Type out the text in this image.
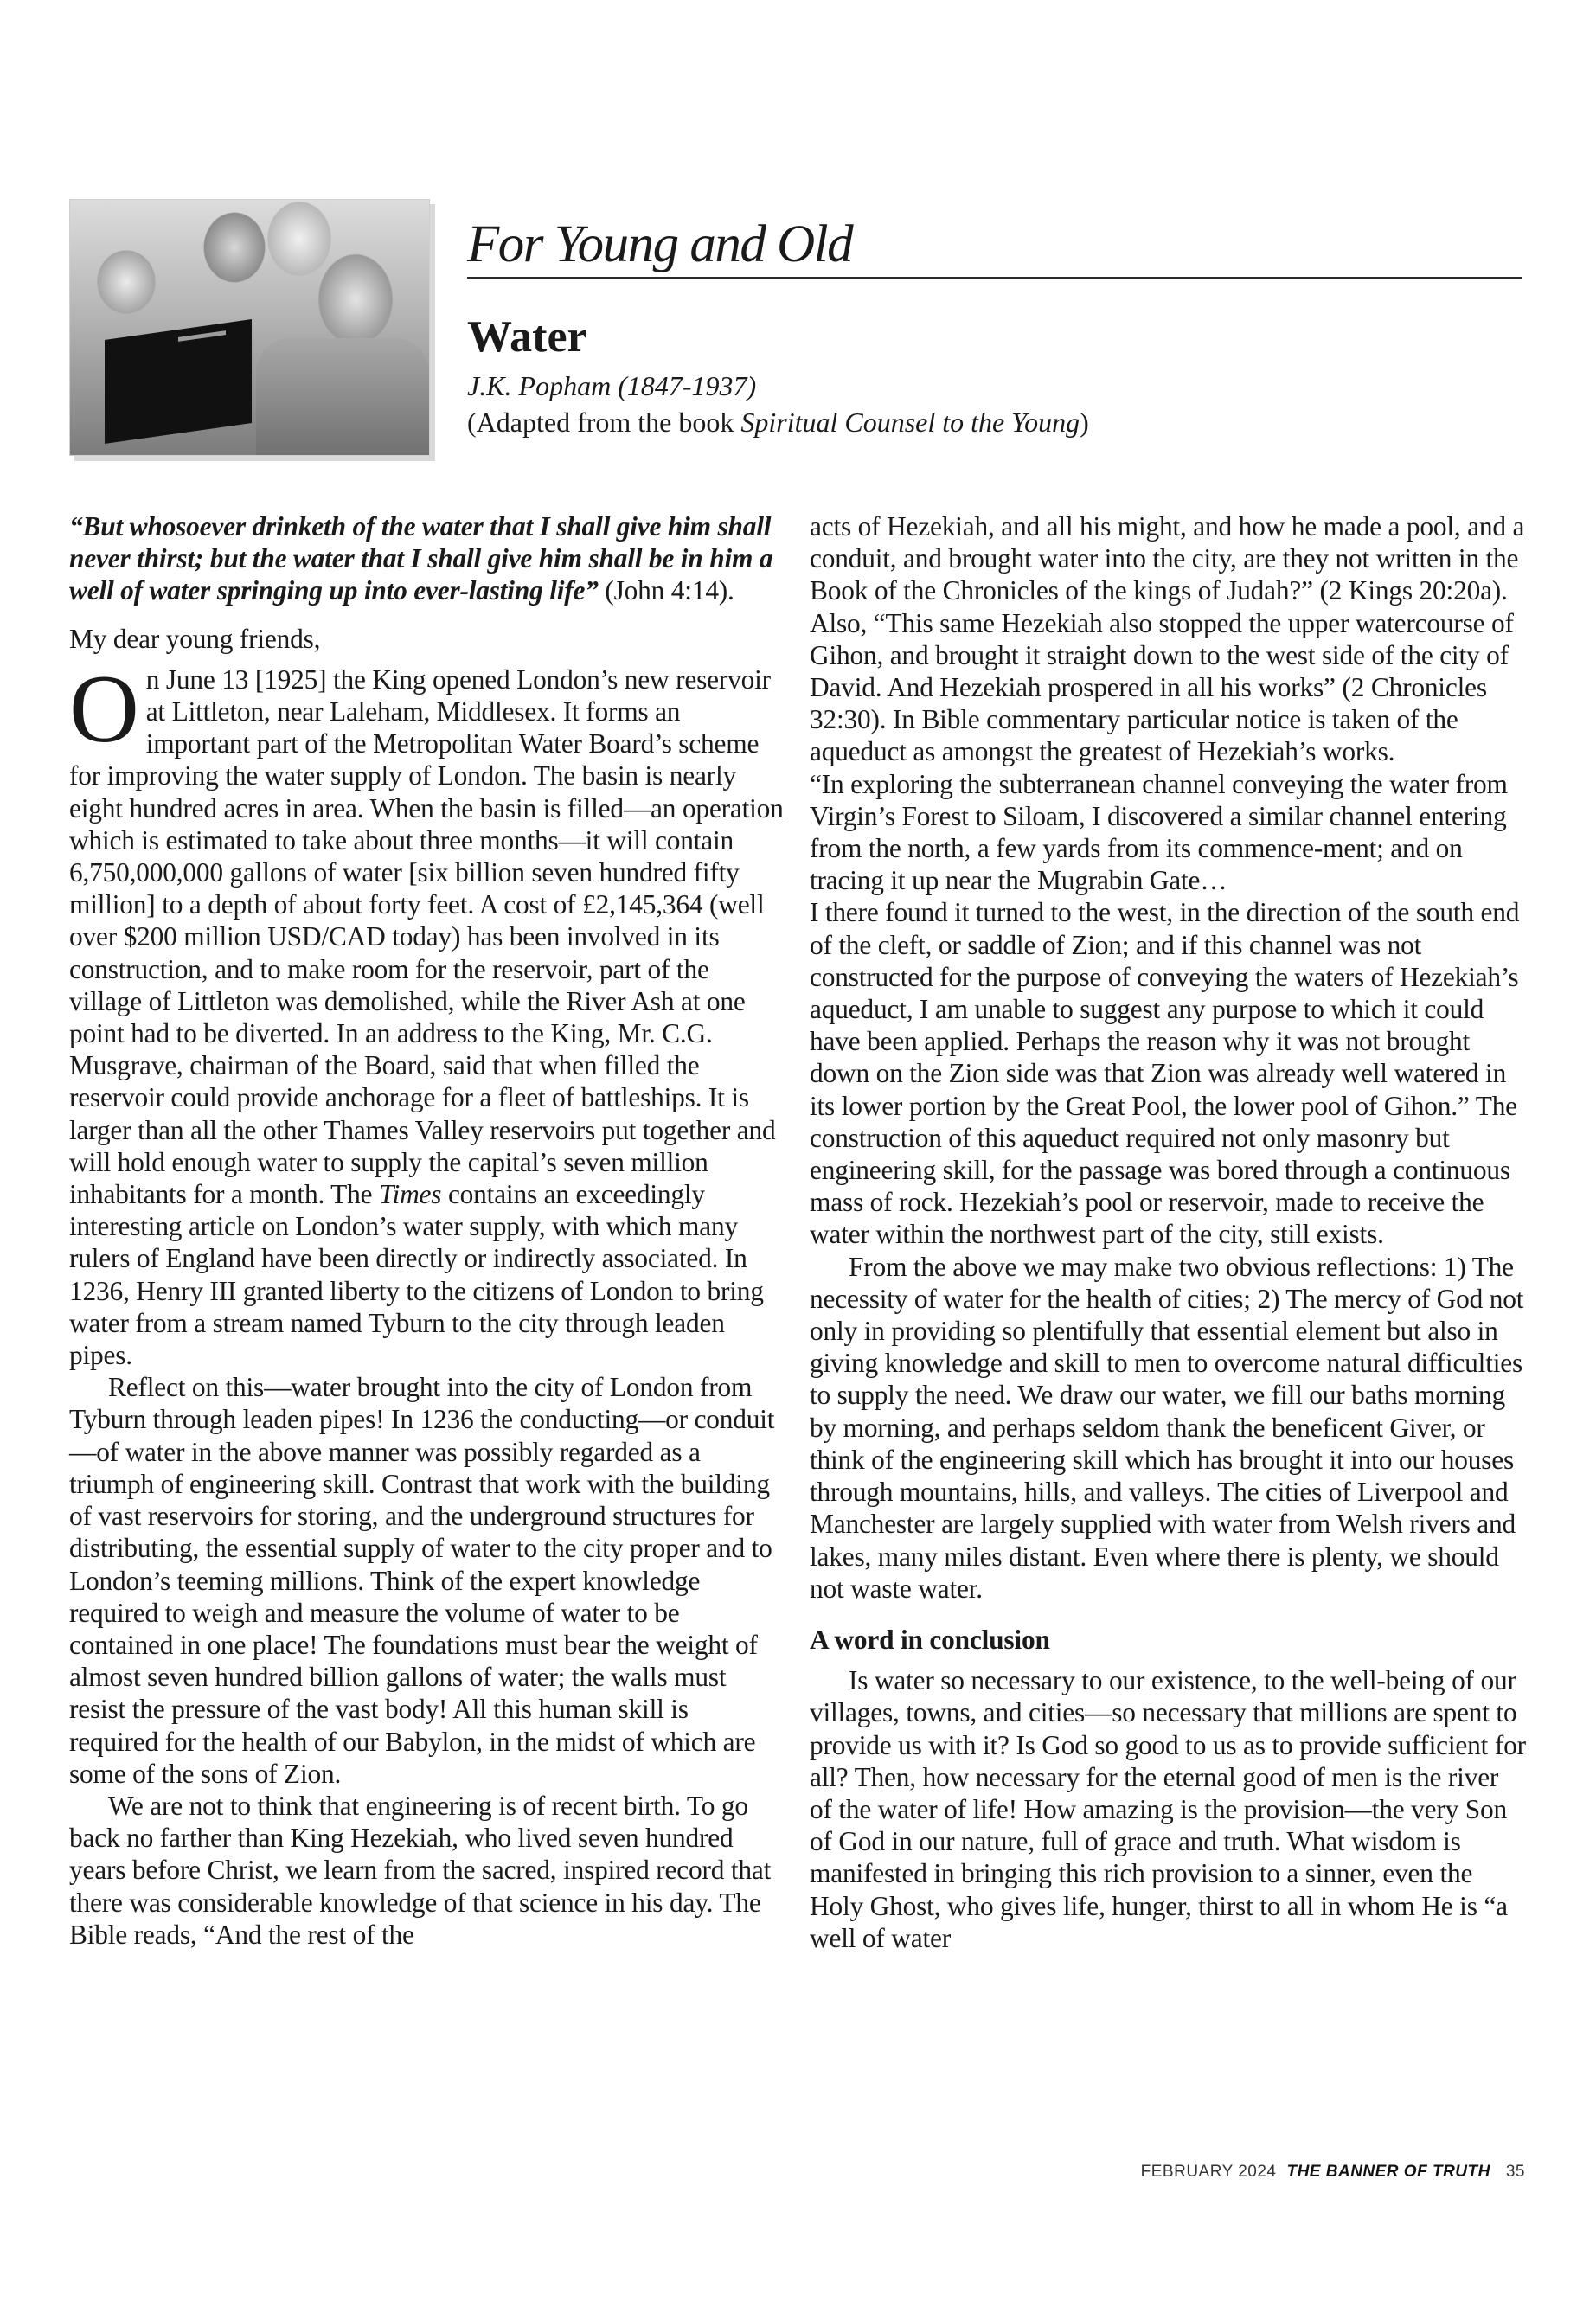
For Young and Old
Water
J.K. Popham (1847-1937)
(Adapted from the book Spiritual Counsel to the Young)

“But whosoever drinketh of the water that I shall give him shall never thirst; but the water that I shall give him shall be in him a well of water springing up into ever-lasting life” (John 4:14).

My dear young friends,

On June 13 [1925] the King opened London’s new reservoir at Littleton, near Laleham, Middlesex. It forms an important part of the Metropolitan Water Board’s scheme for improving the water supply of London. The basin is nearly eight hundred acres in area. When the basin is filled—an operation which is estimated to take about three months—it will contain 6,750,000,000 gallons of water [six billion seven hundred fifty million] to a depth of about forty feet. A cost of £2,145,364 (well over $200 million USD/CAD today) has been involved in its construction, and to make room for the reservoir, part of the village of Littleton was demolished, while the River Ash at one point had to be diverted. In an address to the King, Mr. C.G. Musgrave, chairman of the Board, said that when filled the reservoir could provide anchorage for a fleet of battleships. It is larger than all the other Thames Valley reservoirs put together and will hold enough water to supply the capital’s seven million inhabitants for a month. The Times contains an exceedingly interesting article on London’s water supply, with which many rulers of England have been directly or indirectly associated. In 1236, Henry III granted liberty to the citizens of London to bring water from a stream named Tyburn to the city through leaden pipes.

Reflect on this—water brought into the city of London from Tyburn through leaden pipes! In 1236 the conducting—or conduit—of water in the above manner was possibly regarded as a triumph of engineering skill. Contrast that work with the building of vast reservoirs for storing, and the underground structures for distributing, the essential supply of water to the city proper and to London’s teeming millions. Think of the expert knowledge required to weigh and measure the volume of water to be contained in one place! The foundations must bear the weight of almost seven hundred billion gallons of water; the walls must resist the pressure of the vast body! All this human skill is required for the health of our Babylon, in the midst of which are some of the sons of Zion.

We are not to think that engineering is of recent birth. To go back no farther than King Hezekiah, who lived seven hundred years before Christ, we learn from the sacred, inspired record that there was considerable knowledge of that science in his day. The Bible reads, “And the rest of the

acts of Hezekiah, and all his might, and how he made a pool, and a conduit, and brought water into the city, are they not written in the Book of the Chronicles of the kings of Judah?” (2 Kings 20:20a). Also, “This same Hezekiah also stopped the upper watercourse of Gihon, and brought it straight down to the west side of the city of David. And Hezekiah prospered in all his works” (2 Chronicles 32:30). In Bible commentary particular notice is taken of the aqueduct as amongst the greatest of Hezekiah’s works.

“In exploring the subterranean channel conveying the water from Virgin’s Forest to Siloam, I discovered a similar channel entering from the north, a few yards from its commence-ment; and on tracing it up near the Mugrabin Gate…

I there found it turned to the west, in the direction of the south end of the cleft, or saddle of Zion; and if this channel was not constructed for the purpose of conveying the waters of Hezekiah’s aqueduct, I am unable to suggest any purpose to which it could have been applied. Perhaps the reason why it was not brought down on the Zion side was that Zion was already well watered in its lower portion by the Great Pool, the lower pool of Gihon.” The construction of this aqueduct required not only masonry but engineering skill, for the passage was bored through a continuous mass of rock. Hezekiah’s pool or reservoir, made to receive the water within the northwest part of the city, still exists.

From the above we may make two obvious reflections: 1) The necessity of water for the health of cities; 2) The mercy of God not only in providing so plentifully that essential element but also in giving knowledge and skill to men to overcome natural difficulties to supply the need. We draw our water, we fill our baths morning by morning, and perhaps seldom thank the beneficent Giver, or think of the engineering skill which has brought it into our houses through mountains, hills, and valleys. The cities of Liverpool and Manchester are largely supplied with water from Welsh rivers and lakes, many miles distant. Even where there is plenty, we should not waste water.

A word in conclusion

Is water so necessary to our existence, to the well-being of our villages, towns, and cities—so necessary that millions are spent to provide us with it? Is God so good to us as to provide sufficient for all? Then, how necessary for the eternal good of men is the river of the water of life! How amazing is the provision—the very Son of God in our nature, full of grace and truth. What wisdom is manifested in bringing this rich provision to a sinner, even the Holy Ghost, who gives life, hunger, thirst to all in whom He is “a well of water

FEBRUARY 2024 THE BANNER OF TRUTH 35
